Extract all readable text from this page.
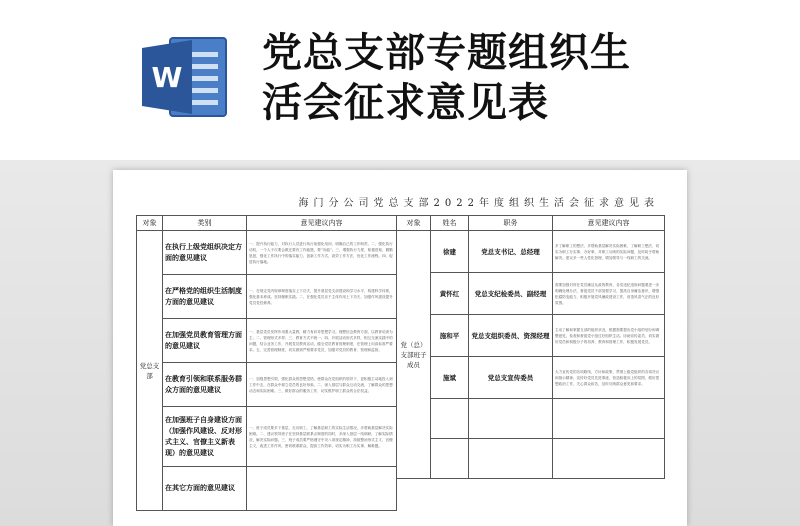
W
党总支部专题组织生
活会征求意见表
海门分公司党总支部2022年度组织生活会征求意见表
对象	类别	意见建议内容
党总支部	在执行上级党组织决定方面的意见建议	一、提升执行能力，对执行人员进行执行前强化培训，明确自己的工作职责。二、强化执行动机，一个人不仅要会做还要有工作能愿，要“肯能”。三、增强执行力度，积极进取，勤勤恳恳，强化工作执行中的落实能力，创新工作方式，高效工作方法，优化工作流程。四、促进执行落地。
	在严格党的组织生活制度方面的意见建议	一、在规定党内规章制度落实上下功夫，提升基层党支部建设和学习水平，构建科学体系，强化基本养成。坚持履职实践。二、在强化党员乐于主体作用上下功夫，加强作风建设提升党员党性修养。
	在加强党员教育管理方面的意见建议	一、基层党员发挥作用要大量教，精力有向导思想学习。理想信念教育方面，以教育培训为主；二、管理形式多样；三、教育方式不统一；四、开展活动形式多样，相互交流实践中的问题，结合业务工作，开展党员教育活动，健全党员教育管理制度，在管理上向高标准严要求。五、完善管理制度，切实做到严格要求党员，加强对党员的教育、管理和监督。
	在教育引领和联系服务群众方面的意见建议	一、加强思想引领，强化群众的思想觉悟，使群众在党组织的领导下，更积极主动地投入到工作中去，在群众中树立党员的良好形象。二、深入基层与群众互动交流，了解群众的思想动态和实际困难。三、做好群众的服务工作，切实维护职工群众的合法权益。
	在加强班子自身建设方面（加强作风建设、反对形式主义、官僚主义新表现）的意见建议	一、班子成员要多下基层，走访职工，了解基层职工的实际生活情况，多帮助基层解决实际困难。二、建议领导班子在坚持基层联系点制度的同时，多深入基层一线调研，了解实际情况，解决实际问题。三、班子成员要严格遵守中央八项规定精神，持续整治形式主义、官僚主义，改进工作作风，密切联系群众，提高工作效率，切实为职工办实事、解难题。
	在其它方面的意见建议	
对象	姓名	职务	意见建议内容
党（总）支部班子成员	徐建	党总支书记、总经理	多了解职工的想法，多帮助基层解决实际困难，了解职工想法，切实为职工办实事、办好事，对职工反映的实际问题，及时给予帮助解决。建议多一些人性化管理，增加领导与一线职工的交流。
	黄怀红	党总支纪检委员、副经理	需要加强对所在党员廉洁从政的教育，各类违纪违规问题要进一步明确处理办法，督促党员干部加强学习，提高自身廉洁意识，增强拒腐防变能力，积极开展党风廉政建设工作，营造风清气正的良好氛围。
	施和平	党总支组织委员、资深经理	主动了解和掌握支部的组织状况，根据需要提出党小组的划分和调整意见，检查和督促党小组过好组织生活。协助宣传委员，切实做好党员和积极分子的培养、教育和管理工作，积极发展党员。
	施斌	党总支宣传委员	大力宣传党的各项路线、方针和政策，贯彻上级党组织的各项决议和指示精神，宣传好党员先进事迹，营造积极向上的氛围，做好思想政治工作，关心群众疾苦，及时反映群众意见和要求。
